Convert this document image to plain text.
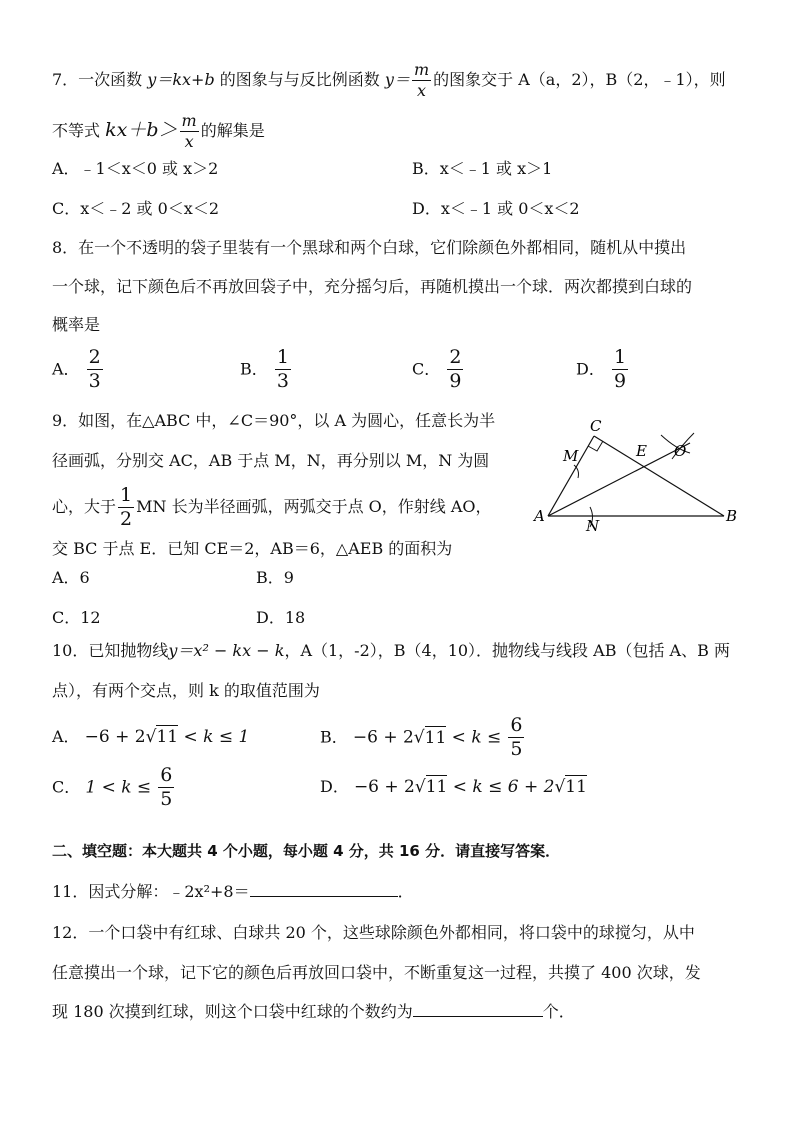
7．一次函数 y＝kx+b 的图象与与反比例函数 $y= \frac{m}{x}$ 的图象交于 A（a，2），B（2，﹣1），则
不等式 $kx+b> \frac{m}{x}$ 的解集是
A．﹣1＜x＜0 或 x＞2	B．x＜﹣1 或 x＞1
C．x＜﹣2 或 0＜x＜2	D．x＜﹣1 或 0＜x＜2
8．在一个不透明的袋子里装有一个黑球和两个白球，它们除颜色外都相同，随机从中摸出
一个球，记下颜色后不再放回袋子中，充分摇匀后，再随机摸出一个球．两次都摸到白球的
概率是
A． $\frac{2}{3}$	B． $\frac{1}{3}$	C． $\frac{2}{9}$	D． $\frac{1}{9}$
9．如图，在△ABC 中，∠C＝90°，以 A 为圆心，任意长为半
径画弧，分别交 AC，AB 于点 M，N，再分别以 M，N 为圆
心，大于 $\frac{1}{2}$ MN 长为半径画弧，两弧交于点 O，作射线 AO，
交 BC 于点 E．已知 CE＝2，AB＝6，△AEB 的面积为
A．6	B．9
C．12	D．18
C
M	E O
A
N
B
10．已知抛物线y＝x² − kx − k，A（1，-2），B（4，10）．抛物线与线段 AB（包括 A、B 两
点），有两个交点，则 k 的取值范围为
A． −6 + 2√11 < k ≤ 1	B． $-6 + 2√11 < k \le \frac{6}{5}$
C． $1 < k \le \frac{6}{5}$	D． −6 + 2√11 < k ≤ 6 + 2√11
二、填空题：本大题共 4 个小题，每小题 4 分，共 16 分．请直接写答案．
11．因式分解：﹣2x²+8＝	．
12．一个口袋中有红球、白球共 20 个，这些球除颜色外都相同，将口袋中的球搅匀，从中
任意摸出一个球，记下它的颜色后再放回口袋中，不断重复这一过程，共摸了 400 次球，发
现 180 次摸到红球，则这个口袋中红球的个数约为	个．
